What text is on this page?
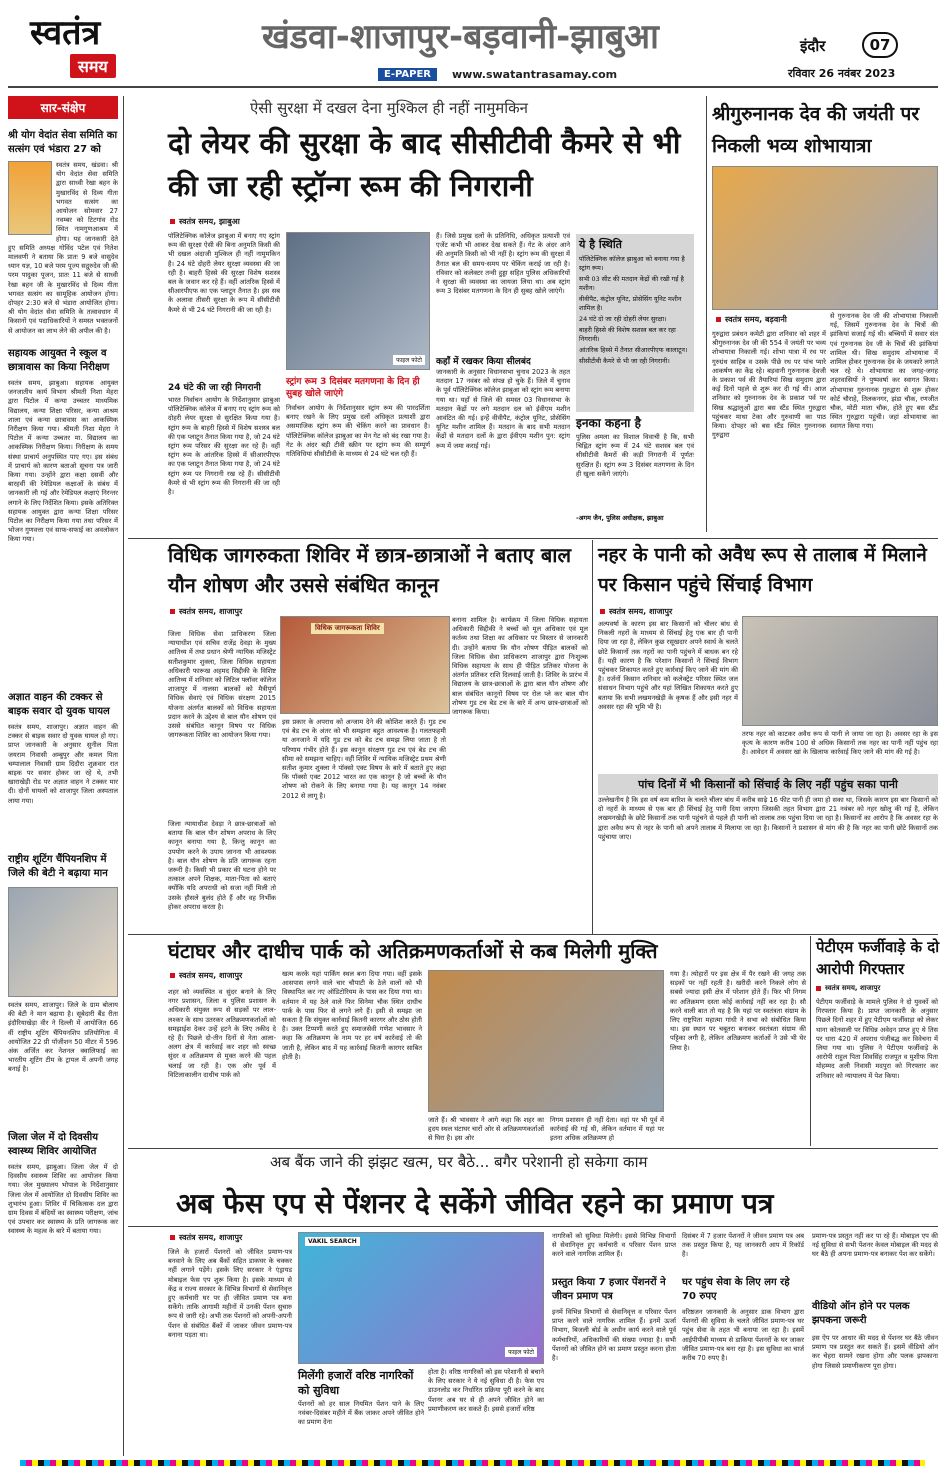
स्वतंत्र
समय
खंडवा-शाजापुर-बड़वानी-झाबुआ
E-PAPER	www.swatantrasamay.com
इंदौर	07
रविवार 26 नवंबर 2023
सार-संक्षेप
श्री योग वेदांत सेवा समिति का सत्संग एवं भंडारा 27 को
स्वतंत्र समय, खंडवा। श्री योग वेदांत सेवा समिति द्वारा साध्वी रेखा बहन के मुखारविंद से दिव्य गीता भगवत सत्संग का आयोजन सोमवार 27 नवम्बर को टिटगांव रोड स्थित नामगुणआश्रम में होगा। यह जानकारी देते हुए समिति अध्यक्ष गोविंद पटेल एवं नितेश मालवणी ने बताया कि प्रातः 9 बजे वासुदेव ध्यान यज्ञ, 10 बजे परम पूज्य सद्गुरुदेव जी की परम पादुका पूजन, प्रातः 11 बजे से साध्वी रेखा बहन जी के मुखारविंद से दिव्य गीता भगवत सत्संग का सामूहिक आयोजन होगा। दोपहर 2:30 बजे से भंडारा आयोजित होगा। श्री योग वेदांत सेवा समिति के तत्वावधान में किसानों एवं पदाधिकारियों ने समस्त भक्तजनों से आयोजन का लाभ लेने की अपील की है।
सहायक आयुक्त ने स्कूल व छात्रावास का किया निरीक्षण
स्वतंत्र समय, झाबुआ। सहायक आयुक्त जनजातीय कार्य विभाग श्रीमती निशा मेहरा द्वारा पिटोल में कन्या उच्चतर माध्यमिक विद्यालय, कन्या शिक्षा परिसर, कन्या आश्रम शाला एवं कन्या छात्रावास का आकस्मिक निरीक्षण किया गया। श्रीमती निशा मेहरा ने पिटोल में कन्या उच्चतर मा. विद्यालय का आकस्मिक निरीक्षण किया। निरीक्षण के समय संस्था प्राचार्य अनुपस्थित पाए गए। इस संबंध में प्राचार्य को कारण बताओ सूचना पत्र जारी किया गया। उन्होंने द्वारा कक्षा दसवीं और बारहवीं की रेमेडियल कक्षाओं के संबंध में जानकारी ली गई और रेमेडियल कक्षाएं निरन्तर लगाने के लिए निर्देशित किया। इसके अतिरिक्त सहायक आयुक्त द्वारा कन्या शिक्षा परिसर पिटोल का निरीक्षण किया गया तथा परिसर में भोजन गुणवत्ता एवं साफ-सफाई का अवलोकन किया गया।
अज्ञात वाहन की टक्कर से बाइक सवार दो युवक घायल
स्वतंत्र समय, शाजापुर। अज्ञात वाहन की टक्कर से बाइक सवार दो युवक घायल हो गए। प्राप्त जानकारी के अनुसार सुनील पिता जयराम निवासी अम्बुपुर और कमल पिता चम्पालाल निवासी ग्राम दिदौरा शुक्रवार रात बाइक पर सवार होकर जा रहे थे, तभी खाराखेड़ी रोड पर अज्ञात वाहन ने टक्कर मार दी। दोनों घायलों को शाजापुर जिला अस्पताल लाया गया।
राष्ट्रीय शूटिंग चैंपियनशिप में जिले की बेटी ने बढ़ाया मान
स्वतंत्र समय, शाजापुर। जिले के ग्राम बोलाय की बेटी ने मान बढ़ाया है। सूबेदारी बैंड रीता इंदौरियाखेड़ा वीर ने दिल्ली में आयोजित 66 वीं राष्ट्रीय शूटिंग चैंपियनशिप प्रतियोगिता में आयोजित 22 प्री पॉजीशन 50 मीटर में 596 अंक अर्जित कर नेशनल क्वालिफाई का भारतीय शूटिंग टीम के ट्रायल में अपनी जगह बनाई है।
जिला जेल में दो दिवसीय स्वास्थ्य शिविर आयोजित
स्वतंत्र समय, झाबुआ। जिला जेल में दो दिवसीय स्वास्थ्य शिविर का आयोजन किया गया। जेल मुख्यालय भोपाल के निर्देशानुसार जिला जेल में आयोजित दो दिवसीय शिविर का शुभारंभ हुआ। शिविर में चिकित्सक दल द्वारा ग्राम दिवस में बंदियों का स्वास्थ्य परीक्षण, जांच एवं उपचार कर स्वास्थ्य के प्रति जागरूक कर स्वास्थ्य के महत्व के बारे में बताया गया।
ऐसी सुरक्षा में दखल देना मुश्किल ही नहीं नामुमकिन
दो लेयर की सुरक्षा के बाद सीसीटीवी कैमरे से भी की जा रही स्ट्रॉन्ग रूम की निगरानी
स्वतंत्र समय, झाबुआ
पॉलिटेक्निक कॉलेज झाबुआ में बनाए गए स्ट्रांग रूम की सुरक्षा ऐसी की बिना अनुमति किसी की भी दखल अंदाजी मुश्किल ही नहीं नामुमकिन है। 24 घंटे दोहरी लेयर सुरक्षा व्यवस्था की जा रही है। बाहरी हिस्से की सुरक्षा विशेष सशस्त्र बल के जवान कर रहे हैं। वहीं आंतरिक हिस्से में सीआरपीएफ का एक प्लाटून तैनात है। इस सब के अलावा तीसरी सुरक्षा के रूप में सीसीटीवी कैमरे से भी 24 घंटे निगरानी की जा रही है।
24 घंटे की जा रही निगरानी
भारत निर्वाचन आयोग के निर्देशानुसार झाबुआ पॉलिटेक्निक कॉलेज में बनाए गए स्ट्रांग रूम को दोहरी लेयर सुरक्षा से सुरक्षित किया गया है। स्ट्रांग रूम के बाहरी हिस्से में विशेष सशस्त्र बल की एक प्लाटून तैनात किया गया है, जो 24 घंटे स्ट्रांग रूम परिसर की सुरक्षा कर रहे हैं। वहीं स्ट्रांग रूम के आंतरिक हिस्से में सीआरपीएफ का एक प्लाटून तैनात किया गया है, जो 24 घंटे स्ट्रांग रूम पर निगरानी रख रहे हैं। सीसीटीवी कैमरे से भी स्ट्रांग रूम की निगरानी की जा रही है।
फाइल फोटो
स्ट्रांग रूम 3 दिसंबर मतगणना के दिन ही सुबह खोले जाएंगे
निर्वाचन आयोग के निर्देशानुसार स्ट्रांग रूम की पारदर्शिता बनाए रखने के लिए प्रमुख दलों अधिकृत प्रत्याशी द्वारा असमाजिक स्ट्रांग रूम की चेकिंग करने का प्रावधान है। पॉलिटेक्निक कॉलेज झाबुआ का मेन गेट को बंद रखा गया है। गेट के अंदर बड़ी टीवी स्क्रीन पर स्ट्रांग रूम की सम्पूर्ण गतिविधियां सीसीटीवी के माध्यम से 24 घंटे चल रही हैं।
हैं। जिसे प्रमुख दलों के प्रतिनिधि, अधिकृत प्रत्याशी एवं एजेंट कभी भी आकर देख सकते हैं। गेट के अंदर आने की अनुमति किसी को भी नहीं है। स्ट्रांग रूम की सुरक्षा में तैनात बल की समय-समय पर चेकिंग कराई जा रही है। रविवार को कलेक्टर तन्वी हुड्डा सहित पुलिस अधिकारियों ने सुरक्षा की व्यवस्था का जायजा लिया था। अब स्ट्रांग रूम 3 दिसंबर मतगणना के दिन ही सुबह खोले जाएंगे।
कहाँ में रखकर किया सीलबंद
जानकारी के अनुसार विधानसभा चुनाव 2023 के तहत मतदान 17 नवंबर को संपन्न हो चुके हैं। जिले में चुनाव के पूर्व पॉलिटेक्निक कॉलेज झाबुआ को स्ट्रांग रूम बनाया गया था। यहाँ से जिले की समस्त 03 विधानसभा के मतदान केंद्रों पर लगे मतदान दल को ईवीएम मशीन आवंटित की गई। इन्हें वीवीपैट, कंट्रोल यूनिट, प्रोसेसिंग यूनिट मशीन शामिल हैं। मतदान के बाद सभी मतदान केंद्रों से मतदान दलों के द्वारा ईवीएम मशीन पुन: स्ट्रांग रूम में जमा कराई गई।
ये है स्थिति
पॉलिटेक्निक कॉलेज झाबुआ को बनाया गया है स्ट्रांग रूम।
सभी 03 सीट की मतदान केंद्रों की रखी गई है मशीन।
वीवीपैट, कंट्रोल यूनिट, प्रोसेसिंग यूनिट मशीन शामिल है।
24 घंटे दो जा रही दोहरी लेयर सुरक्षा।
बाहरी हिस्से की विशेष सशस्त्र बल कर रहा निगरानी।
आंतरिक हिस्से में तैनात सीआरपीएफ कालाटून।
सीसीटीवी कैमरे से भी जा रही निगरानी।
इनका कहना है
पुलिस अमला का विशाल विवाची है कि, सभी चिह्नित स्ट्रांग रूम में 24 घंटे सशस्त्र बल एवं सीसीटीवी कैमरों की कड़ी निगरानी में पूर्णतः सुरक्षित हैं। स्ट्रांग रूम 3 दिसंबर मतगणना के दिन ही खुला सकेंगे जाएंगे।
-अगम जैन, पुलिस अधीक्षक, झाबुआ
श्रीगुरुनानक देव की जयंती पर निकली भव्य शोभायात्रा
स्वतंत्र समय, बड़वानी
गुरुद्वारा प्रबंधन कमेटी द्वारा शनिवार को शहर में श्रीगुरुनानक देव जी की 554 वें जयंती पर भव्य शोभायात्रा निकाली गई। शोभा यात्रा में रथ पर गुरुग्रंथ साहिब व उसके पीछे रथ पर पांच प्यारे आकर्षण का केंद्र रहे। बड़वानी गुरुनानक देवजी के प्रकाश पर्व की तैयारियां सिख समुदाय द्वारा कई दिनों पहले से शुरू कर दी गई थी। आज शनिवार को गुरुनानक देव के प्रकाश पर्व पर सिख श्रद्धालुओं द्वारा बस स्टैंड स्थित गुरुद्वारा पहुंचकर माथा टेका और गुरुवाणी का पाठ किया। दोपहर को बस स्टैंड स्थित गुरुनानक गुरुद्वारा
से गुरुनानक देव जी की शोभायात्रा निकाली गई, जिसमें गुरुनानक देव के चित्रों की झांकियां सजाई गई थी। बच्चियों में सवार संत एवं गुरुनानक देव जी के चित्रों की झांकियां शामिल थी। सिख समुदाय शोभायात्रा में शामिल होकर गुरुनानक देव के जयकारे लगाते चल रहे थे। शोभायात्रा का जगह-जगह शहरवासियों ने पुष्पवर्षा कर स्वागत किया। शोभायात्रा गुरुनानक गुरुद्वारा से शुरू होकर कोर्ट चौराहे, तिलकनगर, झंडा चौक, रणजीत चौक, मोटी माता चौक, होते हुए बस स्टैंड स्थित गुरुद्वारा पहुंची। जहां शोभायात्रा का स्वागत किया गया।
विधिक जागरुकता शिविर में छात्र-छात्राओं ने बताए बाल यौन शोषण और उससे संबंधित कानून
स्वतंत्र समय, शाजापुर
विधिक जागरूकता शिविर
जिला विधिक सेवा प्राधिकरण जिला न्यायाधीश एवं सचिव राजेंद्र देवड़ा के मुख्य आतिथ्य में तथा प्रधान श्रेणी न्यायिक मजिस्ट्रेट सतीशकुमार शुक्ला, जिला विधिक सहायता अधिकारी फारूख अहमद सिद्दीकी के विशिष्ट आतिथ्य में शनिवार को लिटिल फ्लॉवर कॉलेज शाजापुर में नालसा बालकों को मैत्रीपूर्ण विधिक सेवाएं एवं विधिक संरक्षण 2015 योजना अंतर्गत बालकों को विधिक सहायता प्रदान करने के उद्देश्य से बाल यौन शोषण एवं उससे संबंधित कानून विषय पर विधिक जागरूकता शिविर का आयोजन किया गया।
जिला न्यायाधीश देवड़ा ने छात्र-छात्राओं को बताया कि बाल यौन शोषण अपराध के लिए कानून बनाया गया है, किन्तु कानून का उपयोग करने के उपाय जानना भी आवश्यक है। बाल यौन शोषण के प्रति जागरूक रहना जरूरी है। किसी भी प्रकार की घटना होने पर तत्काल अपने शिक्षक, माता-पिता को बताएं क्योंकि यदि अपराधी को सजा नहीं मिली तो उसके हौसले बुलंद होते हैं और वह निर्भीक होकर अपराध करता है।
इस प्रकार के अपराध को अन्जाम देने की कोशिश करते हैं। गुड टच एवं बेड टच के अंतर को भी समझना बहुत आवश्यक है। गलतफहमी या अनजाने में यदि गुड टच को बेड टच समझ लिया जाता है तो परिणाम गंभीर होते हैं। इस कानून संरक्षण गुड टच एवं बेड टच की सीमा को समझना चाहिए। वहीं शिविर में न्यायिक मजिस्ट्रेट प्रथम श्रेणी सतीश कुमार शुक्ला ने पॉक्सो एक्ट विषय के बारे में बताते हुए कहा कि पॉक्सो एक्ट 2012 भारत का एक कानून है जो बच्चों के यौन शोषण को रोकने के लिए बनाया गया है। यह कानून 14 नवंबर 2012 से लागू है।
बनाना शामिल है। कार्यक्रम में जिला विधिक सहायता अधिकारी सिद्दीकी ने बच्चों को मूल अधिकार एवं मूल कर्तव्य तथा शिक्षा का अधिकार पर विस्तार से जानकारी दी। उन्होंने बताया कि यौन शोषण पीड़ित बालकों को जिला विधिक सेवा प्राधिकरण शाजापुर द्वारा निःशुल्क विधिक सहायता के साथ ही पीड़ित प्रतिकर योजना के अंतर्गत प्रतिकर राशि दिलवाई जाती है। शिविर के प्रारंभ में विद्यालय के छात्र-छात्राओं के द्वारा बाल यौन शोषण और बाल संबंधित कानूनों विषय पर रोल प्ले कर बाल यौन शोषण गुड टच बेड टच के बारे में अन्य छात्र-छात्राओं को जागरूक किया।
नहर के पानी को अवैध रूप से तालाब में मिलाने पर किसान पहुंचे सिंचाई विभाग
स्वतंत्र समय, शाजापुर
अल्पवर्षा के कारण इस बार किसानों को चीलर बांध से निकली नहरों के माध्यम से सिंचाई हेतु एक बार ही पानी दिया जा रहा है, लेकिन कुछ रसूखदार अपने स्वार्थ के चलते छोटे किसानों तक नहरों का पानी पहुंचने में बाधक बन रहे हैं। यही कारण है कि परेशान किसानों ने सिंचाई विभाग पहुंचकर शिकायत करते हुए कार्रवाई किए जाने की मांग की है। दर्जनों किसान शनिवार को कलेक्ट्रेट परिसर स्थित जल संसाधन विभाग पहुंचे और यहां लिखित शिकायत करते हुए बताया कि सभी लखमनखेड़ी के कृषक हैं और इसी नहर में अवसर रहा की भूमि भी है।
तरफ नहर को काटकर अवैध रूप से पानी ले जाया जा रहा है। अवसर रहा के इस कृत्य के कारण करीब 100 से अधिक किसानों तक नहर का पानी नहीं पहुंच रहा है। आवेदन में अवसर खां के खिलाफ कार्रवाई किए जाने की मांग की गई है।
पांच दिनों में भी किसानों को सिंचाई के लिए नहीं पहुंच सका पानी
उल्लेखनीय है कि इस वर्ष कम बारिश के चलते चीलर बांध में करीब साढ़े 16 फीट पानी ही जमा हो सका था, जिसके कारण इस बार किसानों को दो नहरों के माध्यम से एक बार ही सिंचाई हेतु पानी दिया जाएगा जिसकी तहत विभाग द्वारा 21 नवंबर को नहर खोलू की गई है, लेकिन लखमनखेड़ी के छोटे किसानों तक पानी पहुंचने से पहले ही पानी को तालाब तक पहुंचा दिया जा रहा है। किसानों का आरोप है कि अवसर रहा के द्वारा अवैध रूप से नहर के पानी को अपने तालाब में मिलाया जा रहा है। किसानों ने प्रशासन से मांग की है कि नहर का पानी छोटे किसानों तक पहुंचाया जाए।
घंटाघर और दाधीच पार्क को अतिक्रमणकर्ताओं से कब मिलेगी मुक्ति
स्वतंत्र समय, शाजापुर
शहर को व्यवस्थित व सुंदर बनाने के लिए नगर प्रशासन, जिला व पुलिस प्रशासन के अधिकारी संयुक्त रूप से सड़कों पर लाल-लश्कर के साथ उतरकर अतिक्रमणकर्ताओं को समझाईश देकर उन्हें हटने के लिए तकीद दे रहे हैं। पिछले दो-तीन दिनों से नेता आला-अलग क्षेत्र में कार्रवाई कर शहर को स्वच्छ सुंदर व अतिक्रमण से मुक्त करने की पहल चलाई जा रही है। एक ओर पूर्व में विटिलाकालीन दाधीच पार्क को
खत्म करके यहां पार्किंग स्थल बना दिया गया। वहीं इसके आसपास लगने वाले चार चौपाटी के ठेले वालों को भी विस्थापित कर नए ऑडिटोरियम के पास कर दिया गया था। वर्तमान में यह ठेले वाले फिर सिनेमा चौक स्थित दाधीच पार्क के पास फिर से लगने लगे हैं। इसी से समझा जा सकता है कि संयुक्त कार्रवाई कितनी कारगर और ठोस होती है। उक्त टिप्पणी करते हुए समाजसेवी गणेश भावसार ने कहा कि अतिक्रमण के नाम पर हर वर्ष कार्रवाई तो की जाती है, लेकिन बाद में यह कार्रवाई कितनी कारगर साबित होती है।
जाते हैं। श्री भावसार ने आगे कहा कि शहर का हृदय स्थल घंटाघर चारों ओर से अतिक्रमणकर्ताओं से घिरा है। इस ओर
निगम प्रशासन ही नहीं देता। वहां पर भी पूर्व में कार्रवाई की गई थी, लेकिन वर्तमान में यहां पर इतना अधिक अतिक्रमण हो
गया है। त्योहारों पर इस क्षेत्र में पैर रखने की जगह तक सड़कों पर नहीं रहती है। खरीदी करने निकले लोग से सबसे ज्यादा इसी क्षेत्र में परेशान होते हैं। फिर भी निगम का अतिक्रमण दस्ता कोई कार्रवाई नहीं कर रहा है। सौ करने वाली बात तो यह है कि यहां पर स्वतंत्रता संग्राम के लिए राष्ट्रपिता महात्मा गांधी ने सभा को संबोधित किया था। इस स्थान पर चबूतरा बनाकर स्वतंत्रता संग्राम की पट्टिका लगी है, लेकिन अतिक्रमण कर्ताओं ने उसे भी घेर लिया है।
पेटीएम फर्जीवाड़े के दो आरोपी गिरफ्तार
स्वतंत्र समय, शाजापुर
पेटीएम फर्जीवाड़े के मामले पुलिस ने दो युवकों को गिरफ्तार किया है। प्राप्त जानकारी के अनुसार पिछले दिनों शहर में हुए पेटीएम फर्जीवाड़ा को लेकर थाना कोतवाली पर विधिन्न अवेदन प्राप्त हुए थे तिस पर धारा 420 में अपराध पंजीबद्ध कर विवेचना में लिया गया था। पुलिस ने पेटीएम फर्जीवाड़े के आरोपी राहुल पिता शिवसिंह राजपूत व मुशीफ पिता मोहम्मद अली निवासी मदपुरा को गिरफ्तार कर शनिवार को न्यायालय में पेश किया।
अब बैंक जाने की झंझट खत्म, घर बैठे... बगैर परेशानी हो सकेगा काम
अब फेस एप से पेंशनर दे सकेंगे जीवित रहने का प्रमाण पत्र
स्वतंत्र समय, शाजापुर
जिले के हजारों पेंशनरों को जीवित प्रमाण-पत्र बनवाने के लिए अब बैंकों सहित डाकघर के चक्कर नहीं लगाने पड़ेंगे। इसके लिए सरकार ने एंड्रायड मोबाइल फेस एप शुरू किया है। इसके माध्यम से केंद्र व राज्य सरकार के विभिन्न विभागों से सेवानिवृत्त हुए कर्मचारी घर पर ही जीवित प्रमाण पत्र बना सकेंगे। ताकि आगामी महीनों में उनकी पेंशन सुचारु रूप से जारी रहे। अभी तक पेंशनरों को अपनी-अपनी पेंशन से संबंधित बैंकों में जाकर जीवन प्रमाण-पत्र बनाना पड़ता था।
VAKIL SEARCH
फाइल फोटो
मिलेंगी हजारों वरिष्ठ नागरिकों को सुविधा
पेंशनरों को हर साल नियमित पेंशन पाने के लिए नवंबर-दिसंबर महीने में बैंक जाकर अपने जीवित होने का प्रमाण देना
होता है। वरिष्ठ नागरिकों को इस परेशानी से बचाने के लिए सरकार ने ये नई सुविधा दी है। फेस एप डाउनलोड कर निर्धारित प्रक्रिया पूरी करने के बाद पेंशनर अब घर से ही अपने जीवित होने का प्रमाणीकरण कर सकते हैं। इससे हजारों वरिष्ठ
नागरिकों को सुविधा मिलेगी। इससे विभिन्न विभागों से सेवानिवृत्त हुए कर्मचारी व परिवार पेंशन प्राप्त करने वाले नागरिक शामिल हैं।
प्रस्तुत किया 7 हजार पेंशनरों ने जीवन प्रमाण पत्र
इनमें विभिन्न विभागों से सेवानिवृत्त व परिवार पेंशन प्राप्त करने वाले नागरिक शामिल हैं। इनमें ऊर्जा विभाग, बिजली बोर्ड के अधीन कार्य करने वाले पूर्व कर्मचारियों, अधिकारियों की संख्या ज्यादा है। सभी पेंशनरों को जीवित होने का प्रमाण प्रस्तुत करना होता है।
दिसंबर में 7 हजार पेंशनरों ने जीवन प्रमाण पत्र अब तक प्रस्तुत किया है, यह जानकारी आप में रिकॉर्ड है।
घर पहुंच सेवा के लिए लग रहे 70 रुपए
वरिष्ठजन जानकारी के अनुसार डाक विभाग द्वारा पेंशनरों की सुविधा के चलते जीवित प्रमाण-पत्र घर पहुंच सेवा के तहत भी बनाया जा रहा है। इसमें आईपीपीबी माध्यम से डाकिया पेंशनरों के घर जाकर जीवित प्रमाण-पत्र बना रहा है। इस सुविधा का चार्ज करीब 70 रुपए है।
प्रमाण-पत्र प्रस्तुत नहीं कर पा रहे हैं। मोबाइल एप की नई सुविधा से सभी पेंशनर केवल मोबाइल की मदद से घर बैठे ही अपना प्रमाण-पत्र बनाकर पेश कर सकेंगे।
वीडियो ऑन होने पर पलक झपकना जरूरी
इस ऐप पर आधार की मदद से पेंशनर घर बैठे जीवन प्रमाण पत्र प्रस्तुत कर सकते हैं। इसमें वीडियो ऑन कर चेहरा सामने रखना होगा और पलक झपकाना होगा जिससे प्रमाणीकरण पूरा होगा।
